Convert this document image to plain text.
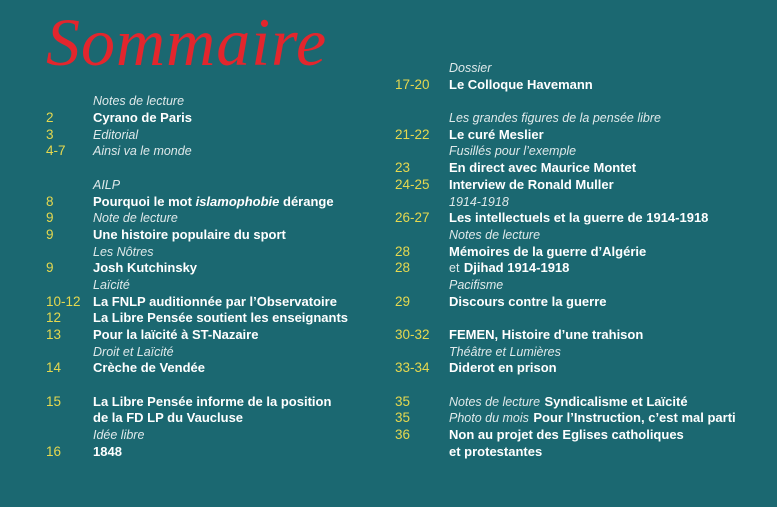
Sommaire
Notes de lecture
2	Cyrano de Paris
3	Editorial
4-7 Ainsi va le monde
AILP
8	Pourquoi le mot islamophobie dérange
9	Note de lecture
9	Une histoire populaire du sport
Les Nôtres
9	Josh Kutchinsky
Laïcité
10-12 La FNLP auditionnée par l’Observatoire
12 La Libre Pensée soutient les enseignants
13 Pour la laïcité à ST-Nazaire
Droit et Laïcité
14 Crèche de Vendée
15 La Libre Pensée informe de la position
de la FD LP du Vaucluse
Idée libre
16 1848
Dossier
17-20 Le Colloque Havemann
Les grandes figures de la pensée libre
21-22 Le curé Meslier
Fusillés pour l’exemple
23	En direct avec Maurice Montet
24-25 Interview de Ronald Muller
1914-1918
26-27 Les intellectuels et la guerre de 1914-1918
Notes de lecture
28	Mémoires de la guerre d’Algérie
28	et Djihad 1914-1918
Pacifisme
29	Discours contre la guerre
30-32 FEMEN, Histoire d’une trahison
Théâtre et Lumières
33-34 Diderot en prison
35	Notes de lecture Syndicalisme et Laïcité
35	Photo du mois Pour l’Instruction, c’est mal parti
36	Non au projet des Eglises catholiques
et protestantes
